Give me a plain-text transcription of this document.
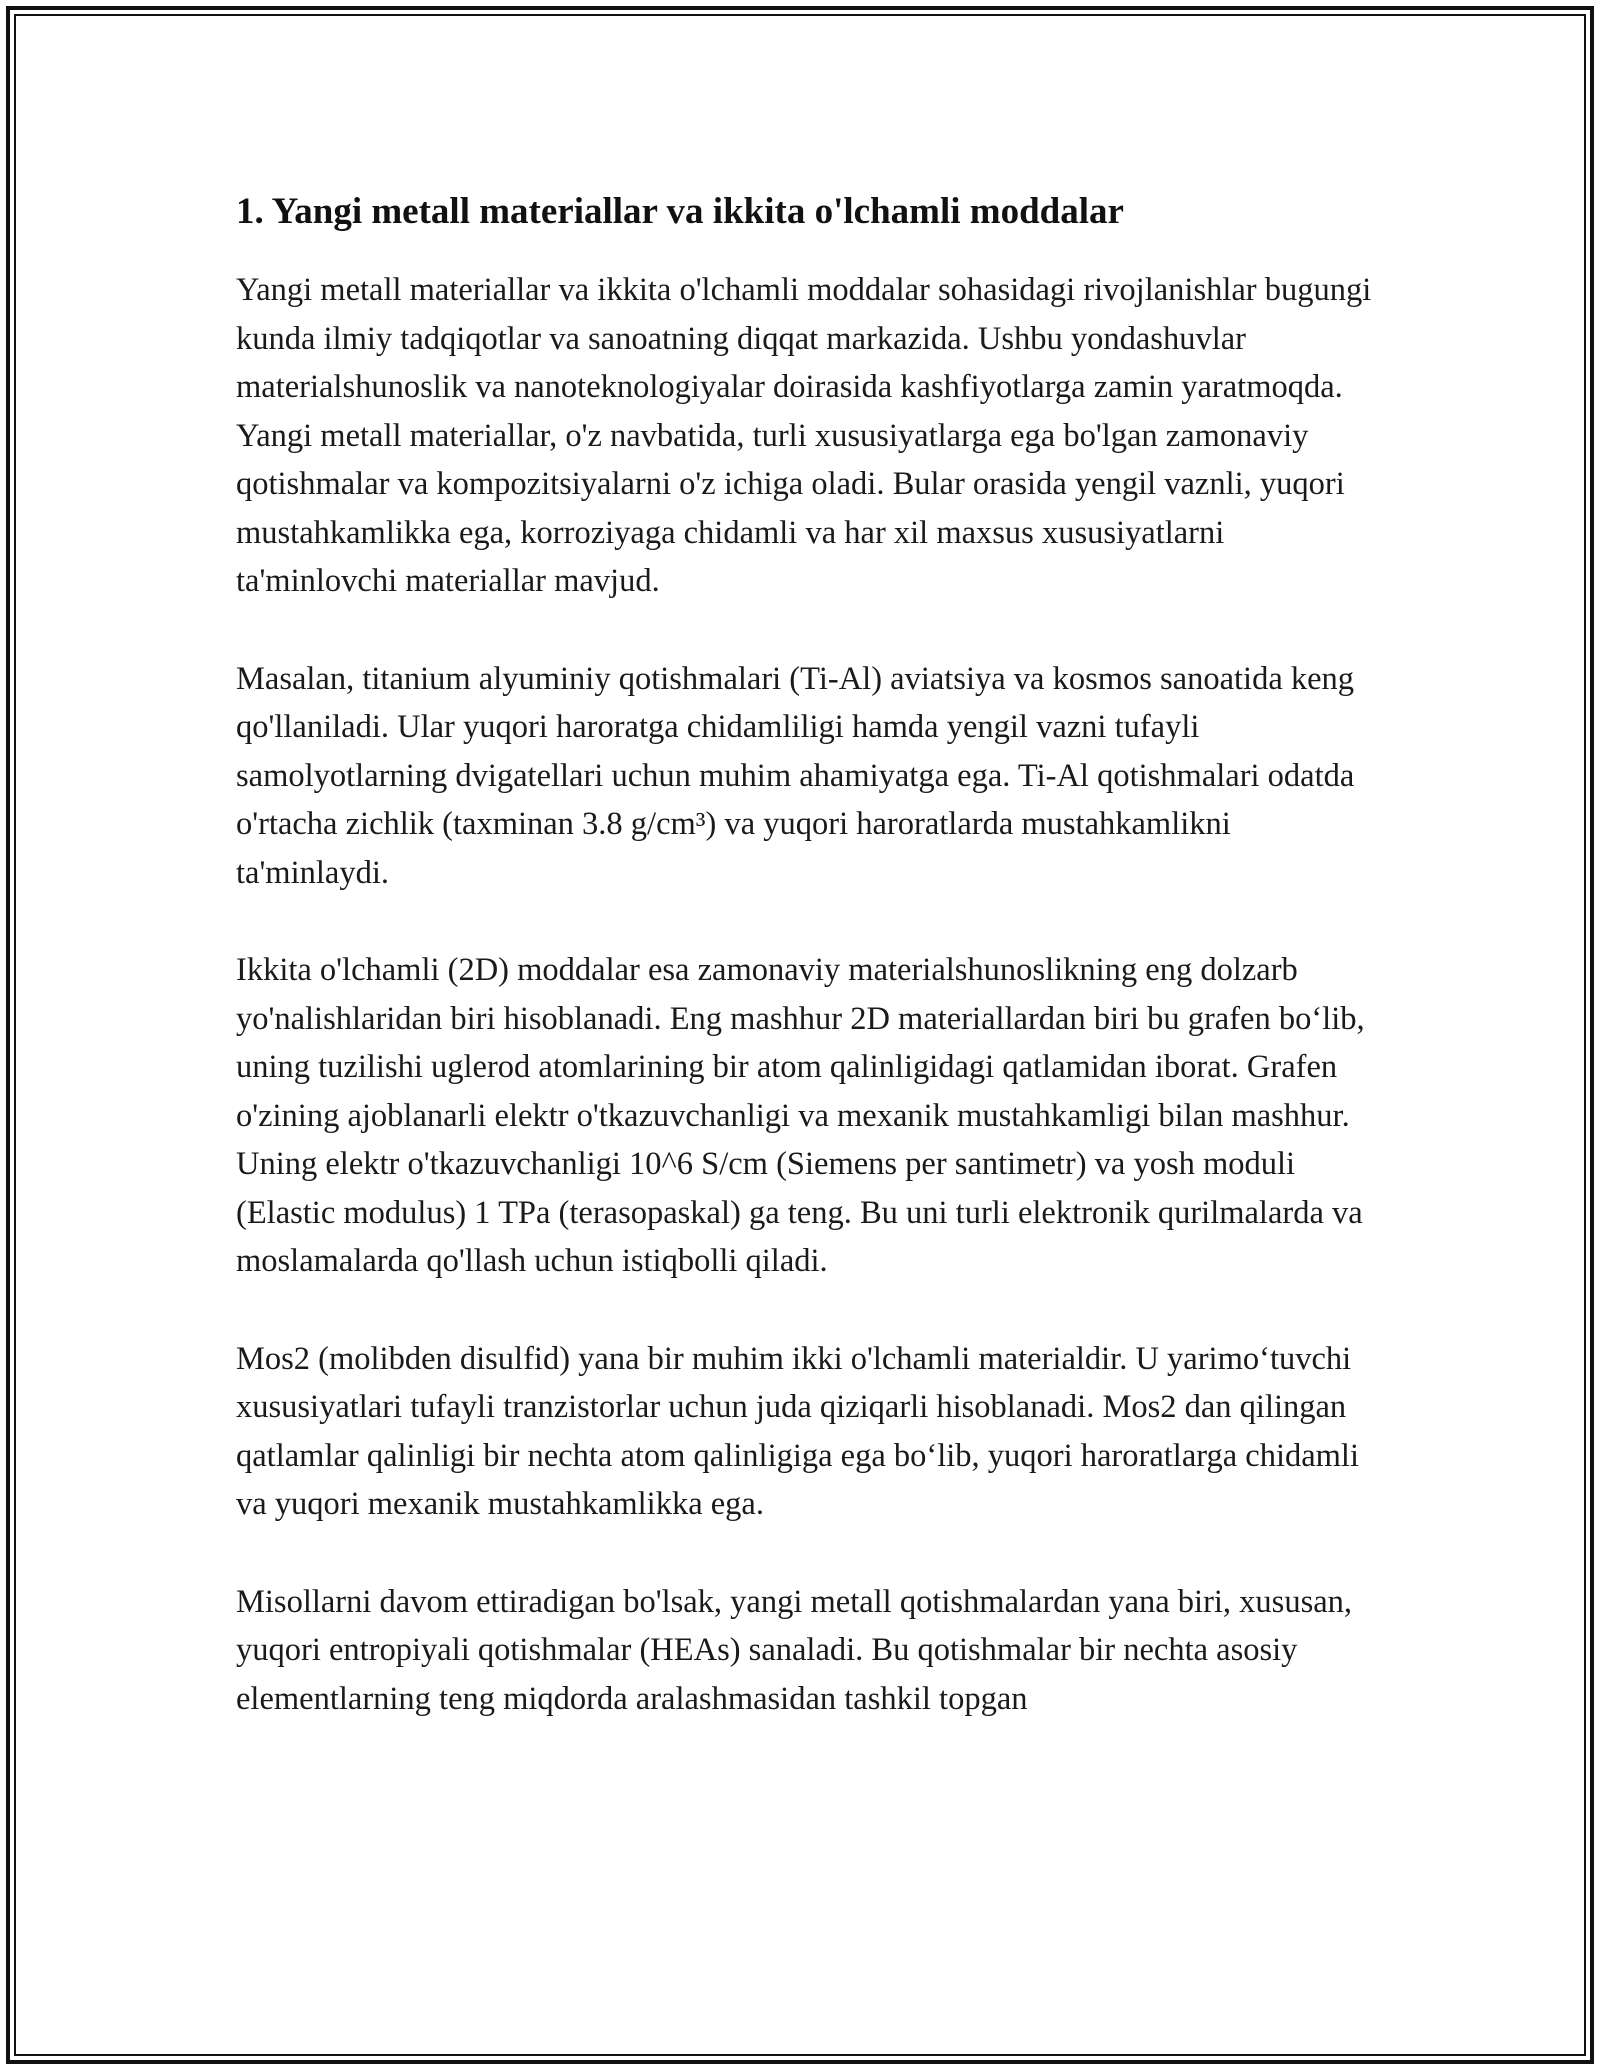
1. Yangi metall materiallar va ikkita o'lchamli moddalar

Yangi metall materiallar va ikkita o'lchamli moddalar sohasidagi rivojlanishlar bugungi kunda ilmiy tadqiqotlar va sanoatning diqqat markazida. Ushbu yondashuvlar materialshunoslik va nanoteknologiyalar doirasida kashfiyotlarga zamin yaratmoqda. Yangi metall materiallar, o'z navbatida, turli xususiyatlarga ega bo'lgan zamonaviy qotishmalar va kompozitsiyalarni o'z ichiga oladi. Bular orasida yengil vaznli, yuqori mustahkamlikka ega, korroziyaga chidamli va har xil maxsus xususiyatlarni ta'minlovchi materiallar mavjud.

Masalan, titanium alyuminiy qotishmalari (Ti-Al) aviatsiya va kosmos sanoatida keng qo'llaniladi. Ular yuqori haroratga chidamliligi hamda yengil vazni tufayli samolyotlarning dvigatellari uchun muhim ahamiyatga ega. Ti-Al qotishmalari odatda o'rtacha zichlik (taxminan 3.8 g/cm³) va yuqori haroratlarda mustahkamlikni ta'minlaydi.

Ikkita o'lchamli (2D) moddalar esa zamonaviy materialshunoslikning eng dolzarb yo'nalishlaridan biri hisoblanadi. Eng mashhur 2D materiallardan biri bu grafen bo‘lib, uning tuzilishi uglerod atomlarining bir atom qalinligidagi qatlamidan iborat. Grafen o'zining ajoblanarli elektr o'tkazuvchanligi va mexanik mustahkamligi bilan mashhur. Uning elektr o'tkazuvchanligi 10^6 S/cm (Siemens per santimetr) va yosh moduli (Elastic modulus) 1 TPa (terasopaskal) ga teng. Bu uni turli elektronik qurilmalarda va moslamalarda qo'llash uchun istiqbolli qiladi.

Mos2 (molibden disulfid) yana bir muhim ikki o'lchamli materialdir. U yarimo‘tuvchi xususiyatlari tufayli tranzistorlar uchun juda qiziqarli hisoblanadi. Mos2 dan qilingan qatlamlar qalinligi bir nechta atom qalinligiga ega bo‘lib, yuqori haroratlarga chidamli va yuqori mexanik mustahkamlikka ega.

Misollarni davom ettiradigan bo'lsak, yangi metall qotishmalardan yana biri, xususan, yuqori entropiyali qotishmalar (HEAs) sanaladi. Bu qotishmalar bir nechta asosiy elementlarning teng miqdorda aralashmasidan tashkil topgan
